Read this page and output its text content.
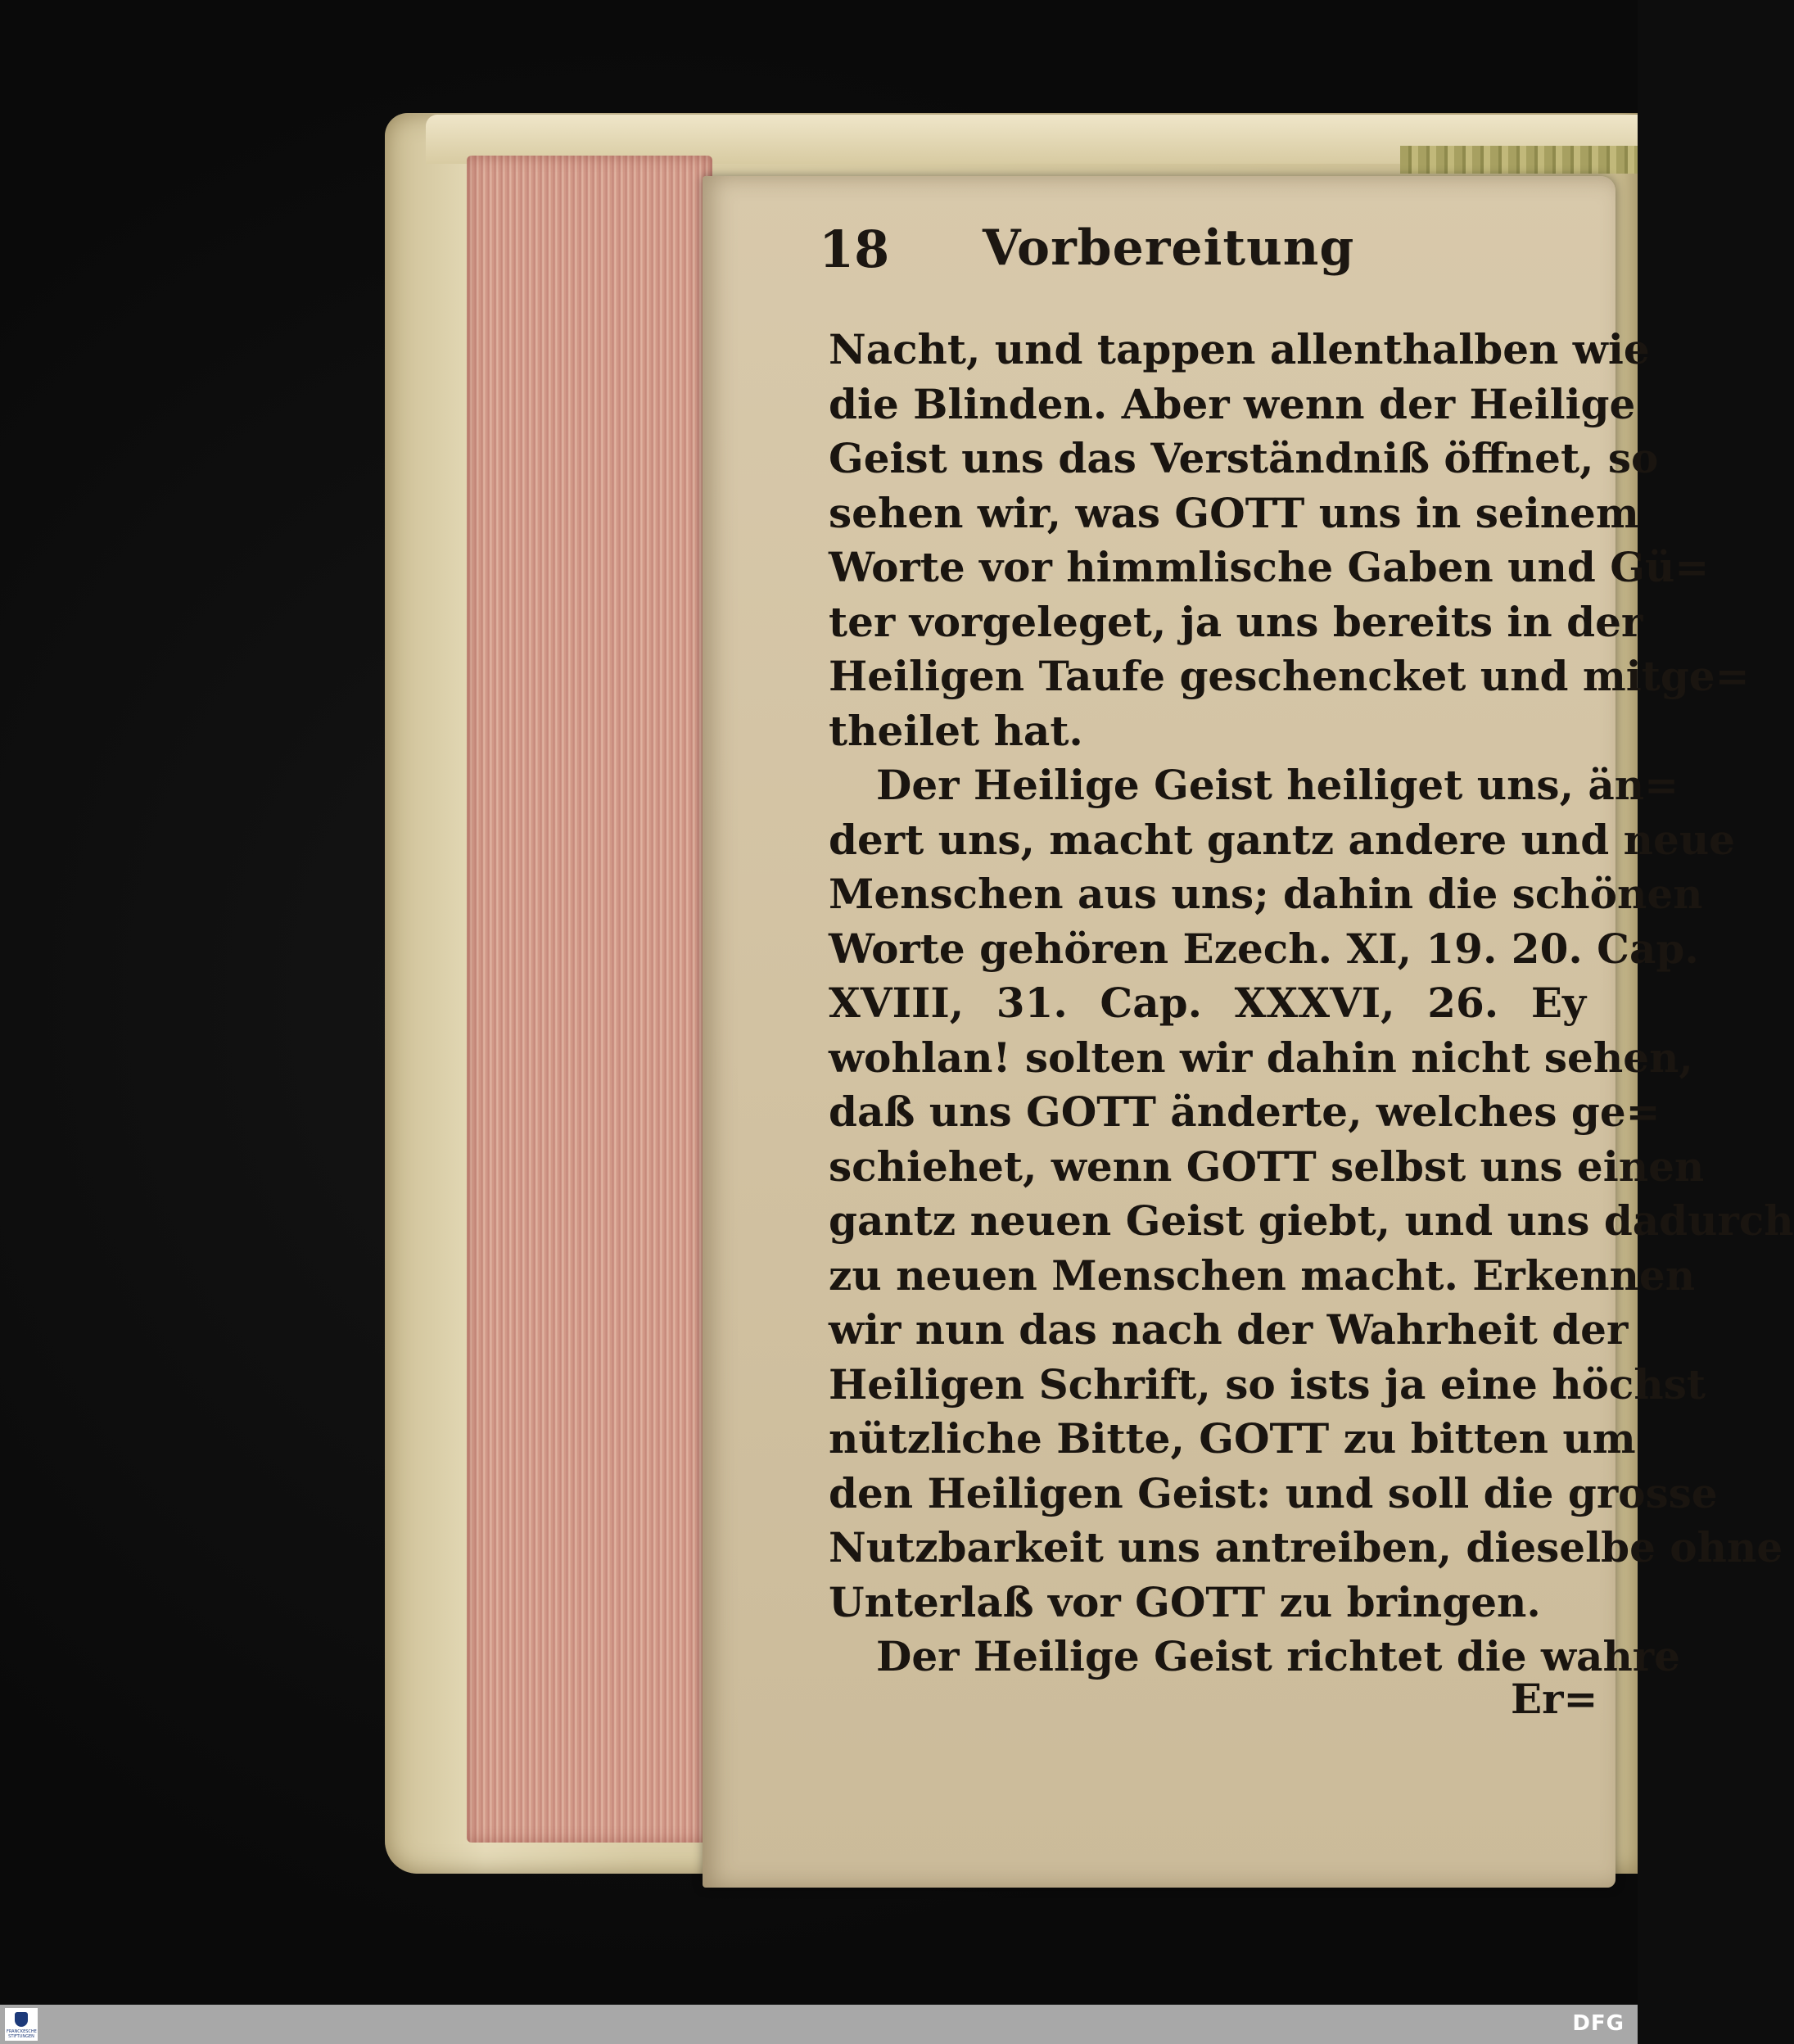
18 Vorbereitung
Nacht, und tappen allenthalben wie
die Blinden. Aber wenn der Heilige
Geist uns das Verständniß öffnet, so
sehen wir, was GOTT uns in seinem
Worte vor himmlische Gaben und Gü=
ter vorgeleget, ja uns bereits in der
Heiligen Taufe geschencket und mitge=
theilet hat.
Der Heilige Geist heiliget uns, än=
dert uns, macht gantz andere und neue
Menschen aus uns; dahin die schönen
Worte gehören Ezech. XI, 19. 20. Cap.
XVIII, 31. Cap. XXXVI, 26. Ey
wohlan! solten wir dahin nicht sehen,
daß uns GOTT änderte, welches ge=
schiehet, wenn GOTT selbst uns einen
gantz neuen Geist giebt, und uns dadurch
zu neuen Menschen macht. Erkennen
wir nun das nach der Wahrheit der
Heiligen Schrift, so ists ja eine höchst
nützliche Bitte, GOTT zu bitten um
den Heiligen Geist: und soll die grosse
Nutzbarkeit uns antreiben, dieselbe ohne
Unterlaß vor GOTT zu bringen.
Der Heilige Geist richtet die wahre
Er=
FRANCKESCHE STIFTUNGEN
DFG
